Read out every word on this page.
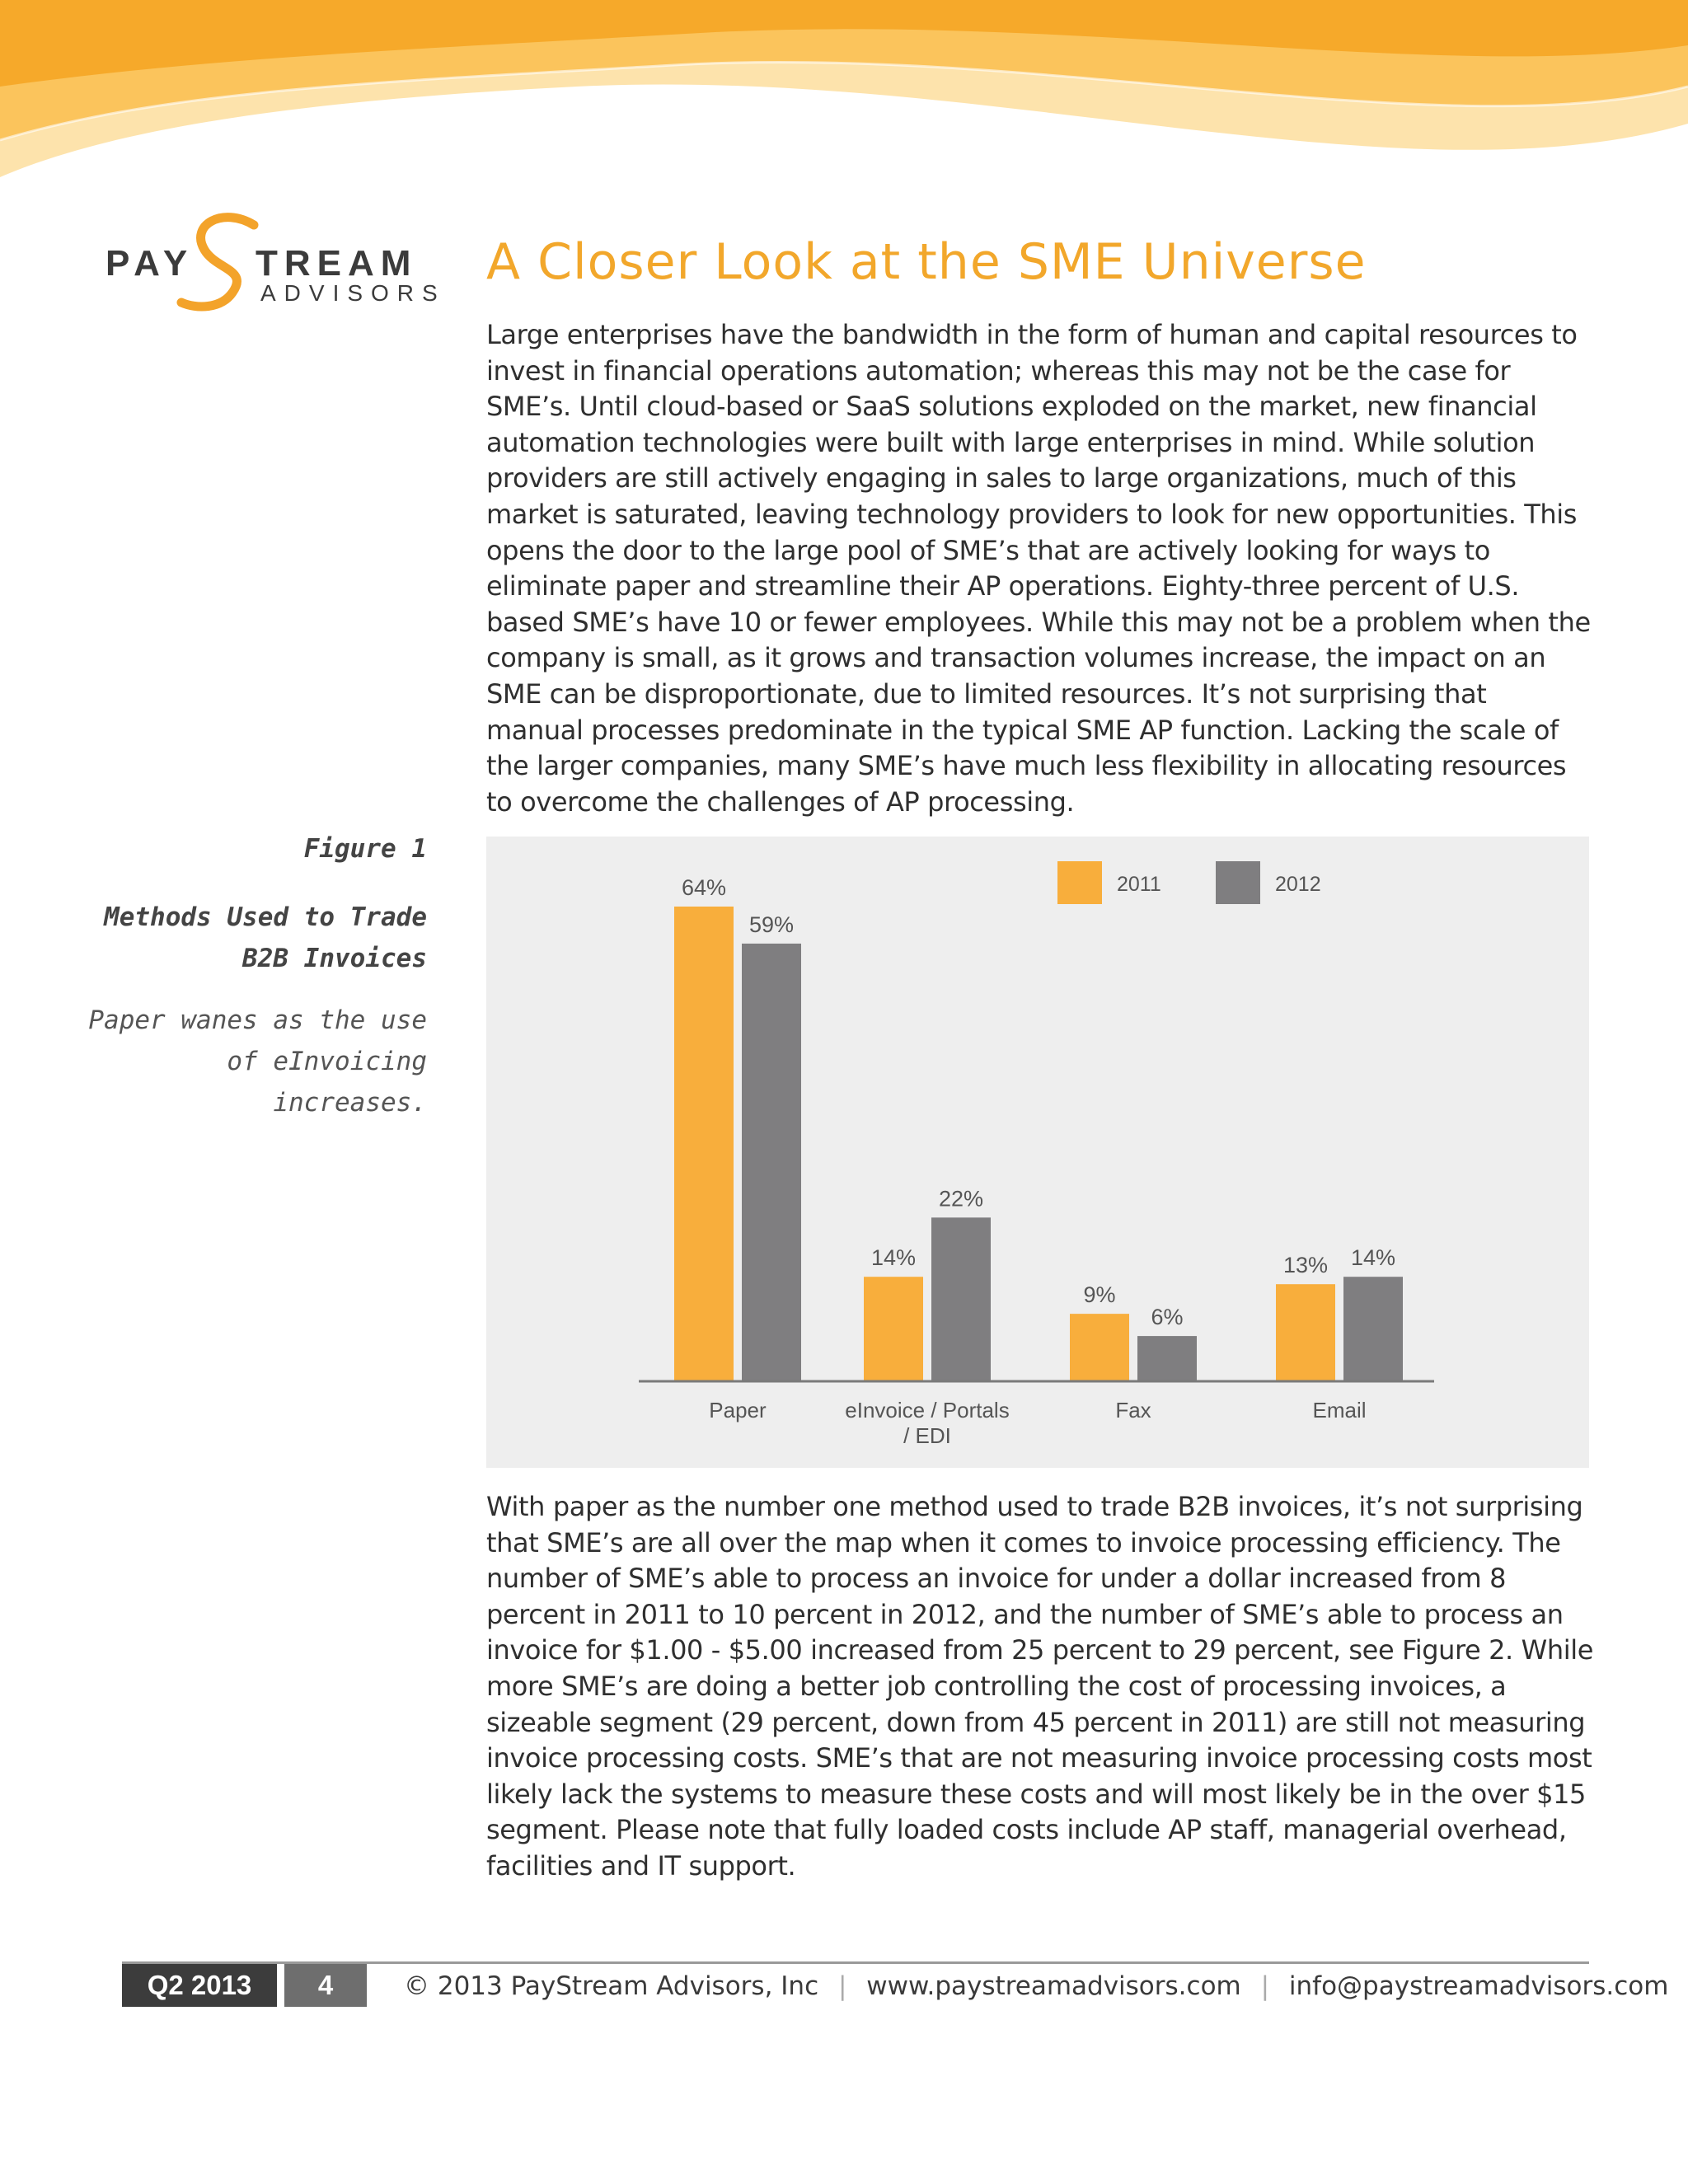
PAY TREAM
ADVISORS
A Closer Look at the SME Universe

Large enterprises have the bandwidth in the form of human and capital resources to invest in financial operations automation; whereas this may not be the case for SME’s. Until cloud-based or SaaS solutions exploded on the market, new financial automation technologies were built with large enterprises in mind. While solution providers are still actively engaging in sales to large organizations, much of this market is saturated, leaving technology providers to look for new opportunities. This opens the door to the large pool of SME’s that are actively looking for ways to eliminate paper and streamline their AP operations. Eighty-three percent of U.S. based SME’s have 10 or fewer employees. While this may not be a problem when the company is small, as it grows and transaction volumes increase, the impact on an SME can be disproportionate, due to limited resources. It’s not surprising that manual processes predominate in the typical SME AP function. Lacking the scale of the larger companies, many SME’s have much less flexibility in allocating resources to overcome the challenges of AP processing.

Figure 1
Methods Used to Trade B2B Invoices
Paper wanes as the use of eInvoicing increases.
64%
59%
Paper
14%
22%
eInvoice / Portals
/ EDI
9%
6%
Fax
13% 14%
Email
2011	2012

With paper as the number one method used to trade B2B invoices, it’s not surprising that SME’s are all over the map when it comes to invoice processing efficiency. The number of SME’s able to process an invoice for under a dollar increased from 8 percent in 2011 to 10 percent in 2012, and the number of SME’s able to process an invoice for $1.00 - $5.00 increased from 25 percent to 29 percent, see Figure 2. While more SME’s are doing a better job controlling the cost of processing invoices, a sizeable segment (29 percent, down from 45 percent in 2011) are still not measuring invoice processing costs. SME’s that are not measuring invoice processing costs most likely lack the systems to measure these costs and will most likely be in the over $15 segment. Please note that fully loaded costs include AP staff, managerial overhead, facilities and IT support.

Q2 2013	4	© 2013 PayStream Advisors, Inc | www.paystreamadvisors.com | info@paystreamadvisors.com
